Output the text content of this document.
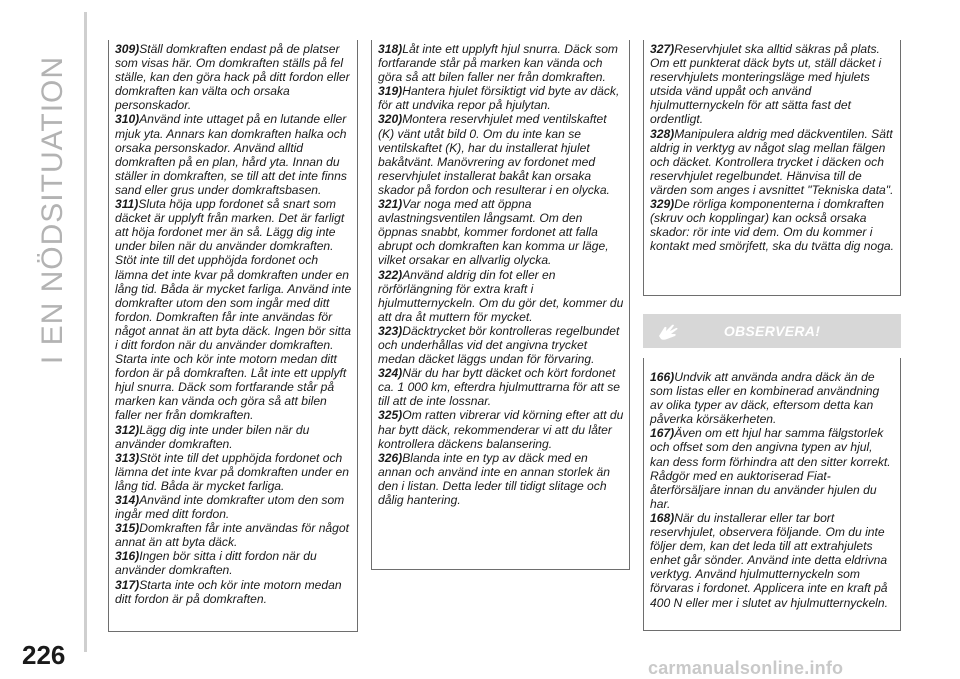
I EN NÖDSITUATION
226

309)Ställ domkraften endast på de platser som visas här. Om domkraften ställs på fel ställe, kan den göra hack på ditt fordon eller domkraften kan välta och orsaka personskador.

310)Använd inte uttaget på en lutande eller mjuk yta. Annars kan domkraften halka och orsaka personskador. Använd alltid domkraften på en plan, hård yta. Innan du ställer in domkraften, se till att det inte finns sand eller grus under domkraftsbasen.

311)Sluta höja upp fordonet så snart som däcket är upplyft från marken. Det är farligt att höja fordonet mer än så. Lägg dig inte under bilen när du använder domkraften. Stöt inte till det upphöjda fordonet och lämna det inte kvar på domkraften under en lång tid. Båda är mycket farliga. Använd inte domkrafter utom den som ingår med ditt fordon. Domkraften får inte användas för något annat än att byta däck. Ingen bör sitta i ditt fordon när du använder domkraften. Starta inte och kör inte motorn medan ditt fordon är på domkraften. Låt inte ett upplyft hjul snurra. Däck som fortfarande står på marken kan vända och göra så att bilen faller ner från domkraften.

312)Lägg dig inte under bilen när du använder domkraften.

313)Stöt inte till det upphöjda fordonet och lämna det inte kvar på domkraften under en lång tid. Båda är mycket farliga.

314)Använd inte domkrafter utom den som ingår med ditt fordon.

315)Domkraften får inte användas för något annat än att byta däck.

316)Ingen bör sitta i ditt fordon när du använder domkraften.

317)Starta inte och kör inte motorn medan ditt fordon är på domkraften.

318)Låt inte ett upplyft hjul snurra. Däck som fortfarande står på marken kan vända och göra så att bilen faller ner från domkraften.

319)Hantera hjulet försiktigt vid byte av däck, för att undvika repor på hjulytan.

320)Montera reservhjulet med ventilskaftet (K) vänt utåt bild 0. Om du inte kan se ventilskaftet (K), har du installerat hjulet bakåtvänt. Manövrering av fordonet med reservhjulet installerat bakåt kan orsaka skador på fordon och resulterar i en olycka.

321)Var noga med att öppna avlastningsventilen långsamt. Om den öppnas snabbt, kommer fordonet att falla abrupt och domkraften kan komma ur läge, vilket orsakar en allvarlig olycka.

322)Använd aldrig din fot eller en rörförlängning för extra kraft i hjulmutternyckeln. Om du gör det, kommer du att dra åt muttern för mycket.

323)Däcktrycket bör kontrolleras regelbundet och underhållas vid det angivna trycket medan däcket läggs undan för förvaring.

324)När du har bytt däcket och kört fordonet ca. 1 000 km, efterdra hjulmuttrarna för att se till att de inte lossnar.

325)Om ratten vibrerar vid körning efter att du har bytt däck, rekommenderar vi att du låter kontrollera däckens balansering.

326)Blanda inte en typ av däck med en annan och använd inte en annan storlek än den i listan. Detta leder till tidigt slitage och dålig hantering.

327)Reservhjulet ska alltid säkras på plats. Om ett punkterat däck byts ut, ställ däcket i reservhjulets monteringsläge med hjulets utsida vänd uppåt och använd hjulmutternyckeln för att sätta fast det ordentligt.

328)Manipulera aldrig med däckventilen. Sätt aldrig in verktyg av något slag mellan fälgen och däcket. Kontrollera trycket i däcken och reservhjulet regelbundet. Hänvisa till de värden som anges i avsnittet "Tekniska data".

329)De rörliga komponenterna i domkraften (skruv och kopplingar) kan också orsaka skador: rör inte vid dem. Om du kommer i kontakt med smörjfett, ska du tvätta dig noga.

OBSERVERA!

166)Undvik att använda andra däck än de som listas eller en kombinerad användning av olika typer av däck, eftersom detta kan påverka körsäkerheten.

167)Även om ett hjul har samma fälgstorlek och offset som den angivna typen av hjul, kan dess form förhindra att den sitter korrekt. Rådgör med en auktoriserad Fiat-återförsäljare innan du använder hjulen du har.

168)När du installerar eller tar bort reservhjulet, observera följande. Om du inte följer dem, kan det leda till att extrahjulets enhet går sönder. Använd inte detta eldrivna verktyg. Använd hjulmutternyckeln som förvaras i fordonet. Applicera inte en kraft på 400 N eller mer i slutet av hjulmutternyckeln.

carmanualsonline.info
